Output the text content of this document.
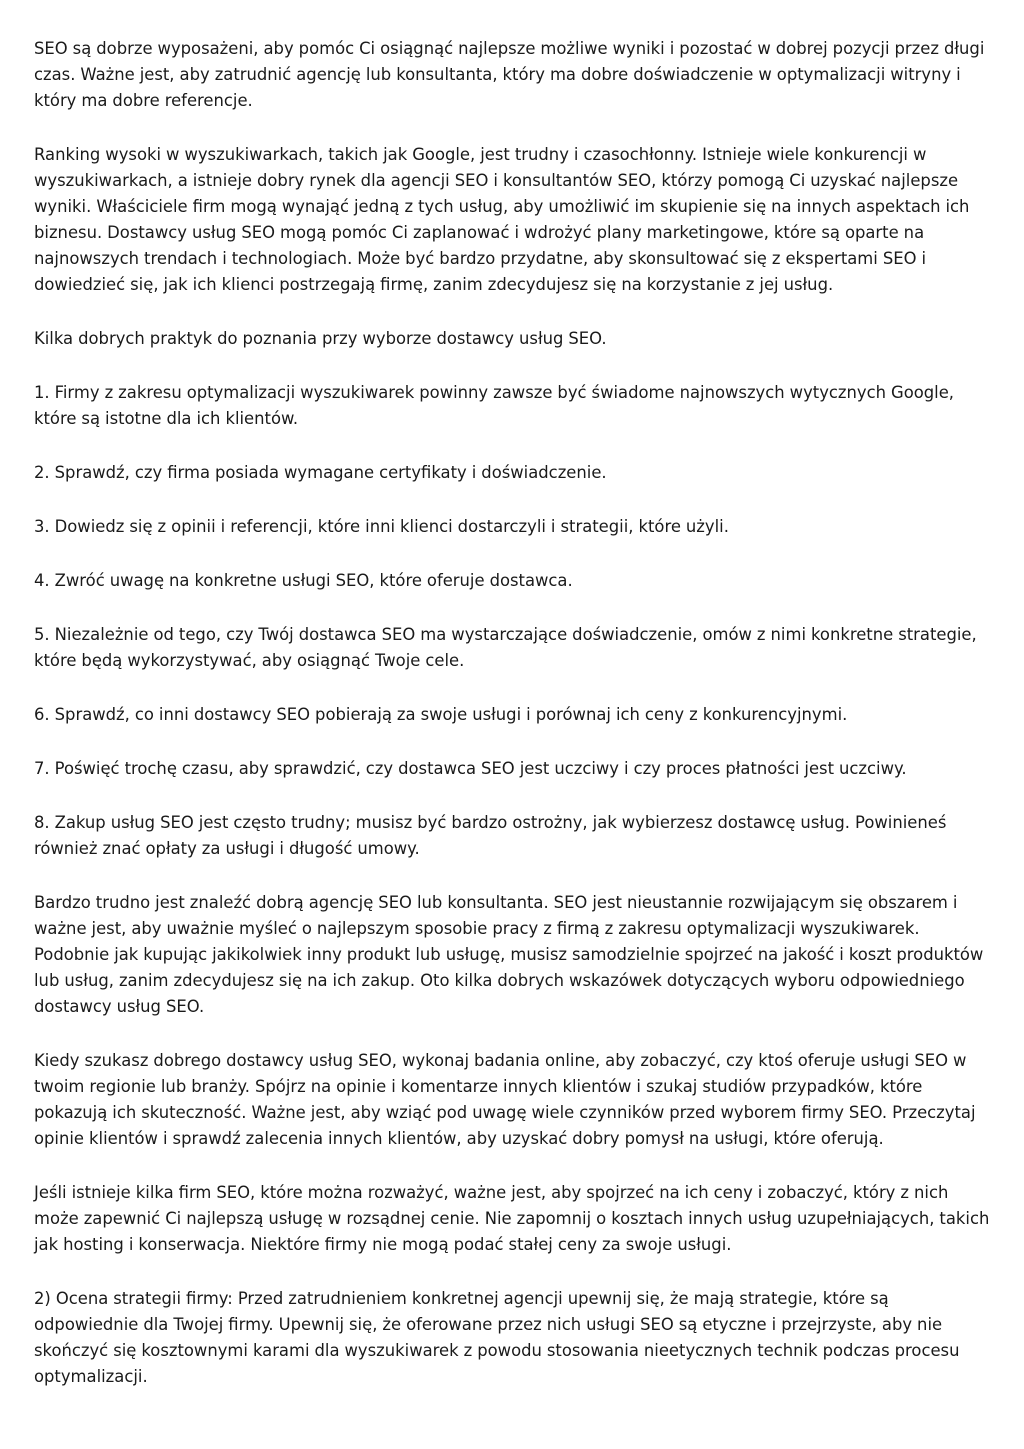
SEO są dobrze wyposażeni, aby pomóc Ci osiągnąć najlepsze możliwe wyniki i pozostać w dobrej pozycji przez długi czas. Ważne jest, aby zatrudnić agencję lub konsultanta, który ma dobre doświadczenie w optymalizacji witryny i który ma dobre referencje.

Ranking wysoki w wyszukiwarkach, takich jak Google, jest trudny i czasochłonny. Istnieje wiele konkurencji w wyszukiwarkach, a istnieje dobry rynek dla agencji SEO i konsultantów SEO, którzy pomogą Ci uzyskać najlepsze wyniki. Właściciele firm mogą wynająć jedną z tych usług, aby umożliwić im skupienie się na innych aspektach ich biznesu. Dostawcy usług SEO mogą pomóc Ci zaplanować i wdrożyć plany marketingowe, które są oparte na najnowszych trendach i technologiach. Może być bardzo przydatne, aby skonsultować się z ekspertami SEO i dowiedzieć się, jak ich klienci postrzegają firmę, zanim zdecydujesz się na korzystanie z jej usług.

Kilka dobrych praktyk do poznania przy wyborze dostawcy usług SEO.

1. Firmy z zakresu optymalizacji wyszukiwarek powinny zawsze być świadome najnowszych wytycznych Google, które są istotne dla ich klientów.

2. Sprawdź, czy firma posiada wymagane certyfikaty i doświadczenie.

3. Dowiedz się z opinii i referencji, które inni klienci dostarczyli i strategii, które użyli.

4. Zwróć uwagę na konkretne usługi SEO, które oferuje dostawca.

5. Niezależnie od tego, czy Twój dostawca SEO ma wystarczające doświadczenie, omów z nimi konkretne strategie, które będą wykorzystywać, aby osiągnąć Twoje cele.

6. Sprawdź, co inni dostawcy SEO pobierają za swoje usługi i porównaj ich ceny z konkurencyjnymi.

7. Poświęć trochę czasu, aby sprawdzić, czy dostawca SEO jest uczciwy i czy proces płatności jest uczciwy.

8. Zakup usług SEO jest często trudny; musisz być bardzo ostrożny, jak wybierzesz dostawcę usług. Powinieneś również znać opłaty za usługi i długość umowy.

Bardzo trudno jest znaleźć dobrą agencję SEO lub konsultanta. SEO jest nieustannie rozwijającym się obszarem i ważne jest, aby uważnie myśleć o najlepszym sposobie pracy z firmą z zakresu optymalizacji wyszukiwarek. Podobnie jak kupując jakikolwiek inny produkt lub usługę, musisz samodzielnie spojrzeć na jakość i koszt produktów lub usług, zanim zdecydujesz się na ich zakup. Oto kilka dobrych wskazówek dotyczących wyboru odpowiedniego dostawcy usług SEO.

Kiedy szukasz dobrego dostawcy usług SEO, wykonaj badania online, aby zobaczyć, czy ktoś oferuje usługi SEO w twoim regionie lub branży. Spójrz na opinie i komentarze innych klientów i szukaj studiów przypadków, które pokazują ich skuteczność. Ważne jest, aby wziąć pod uwagę wiele czynników przed wyborem firmy SEO. Przeczytaj opinie klientów i sprawdź zalecenia innych klientów, aby uzyskać dobry pomysł na usługi, które oferują.

Jeśli istnieje kilka firm SEO, które można rozważyć, ważne jest, aby spojrzeć na ich ceny i zobaczyć, który z nich może zapewnić Ci najlepszą usługę w rozsądnej cenie. Nie zapomnij o kosztach innych usług uzupełniających, takich jak hosting i konserwacja. Niektóre firmy nie mogą podać stałej ceny za swoje usługi.

2) Ocena strategii firmy: Przed zatrudnieniem konkretnej agencji upewnij się, że mają strategie, które są odpowiednie dla Twojej firmy. Upewnij się, że oferowane przez nich usługi SEO są etyczne i przejrzyste, aby nie skończyć się kosztownymi karami dla wyszukiwarek z powodu stosowania nieetycznych technik podczas procesu optymalizacji.
